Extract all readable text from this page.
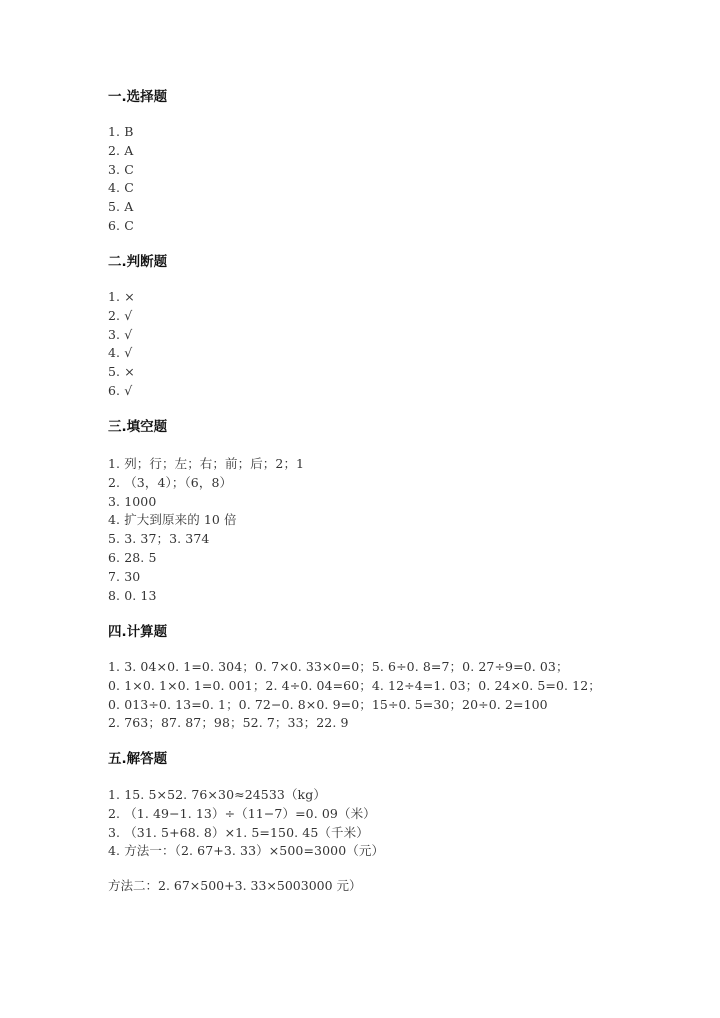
一.选择题
1. B
2. A
3. C
4. C
5. A
6. C
二.判断题
1. ×
2. √
3. √
4. √
5. ×
6. √
三.填空题
1. 列；行；左；右；前；后；2；1
2. （3，4）；（6，8）
3. 1000
4. 扩大到原来的 10 倍
5. 3. 37；3. 374
6. 28. 5
7. 30
8. 0. 13
四.计算题
1. 3. 04×0. 1=0. 304；0. 7×0. 33×0=0；5. 6÷0. 8=7；0. 27÷9=0. 03；
0. 1×0. 1×0. 1=0. 001；2. 4÷0. 04=60；4. 12÷4=1. 03；0. 24×0. 5=0. 12；
0. 013÷0. 13=0. 1；0. 72−0. 8×0. 9=0；15÷0. 5=30；20÷0. 2=100
2. 763；87. 87；98；52. 7；33；22. 9
五.解答题
1. 15. 5×52. 76×30≈24533（kg）
2. （1. 49−1. 13）÷（11−7）=0. 09（米）
3. （31. 5+68. 8）×1. 5=150. 45（千米）
4. 方法一：（2. 67+3. 33）×500=3000（元）
方法二：2. 67×500+3. 33×5003000 元）
